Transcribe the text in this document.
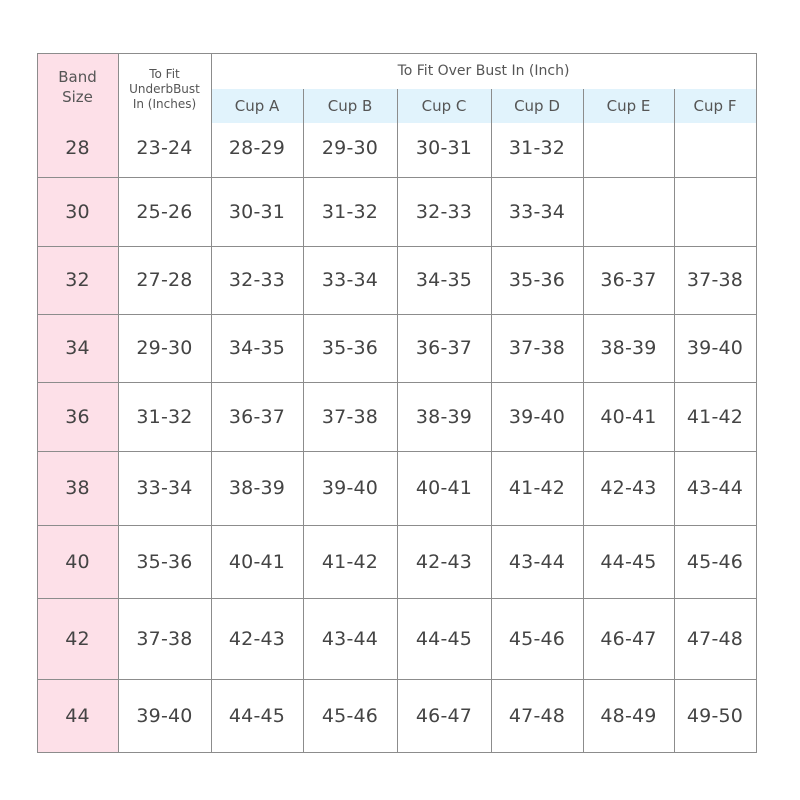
Band Size
To Fit UnderbBust In (Inches)
To Fit Over Bust In (Inch)
Cup A	Cup B	Cup C	Cup D	Cup E	Cup F
28	23-24	28-29	29-30	30-31	31-32
30	25-26	30-31	31-32	32-33	33-34
32	27-28	32-33	33-34	34-35	35-36	36-37	37-38
34	29-30	34-35	35-36	36-37	37-38	38-39	39-40
36	31-32	36-37	37-38	38-39	39-40	40-41	41-42
38	33-34	38-39	39-40	40-41	41-42	42-43	43-44
40	35-36	40-41	41-42	42-43	43-44	44-45	45-46
42	37-38	42-43	43-44	44-45	45-46	46-47	47-48
44	39-40	44-45	45-46	46-47	47-48	48-49	49-50
